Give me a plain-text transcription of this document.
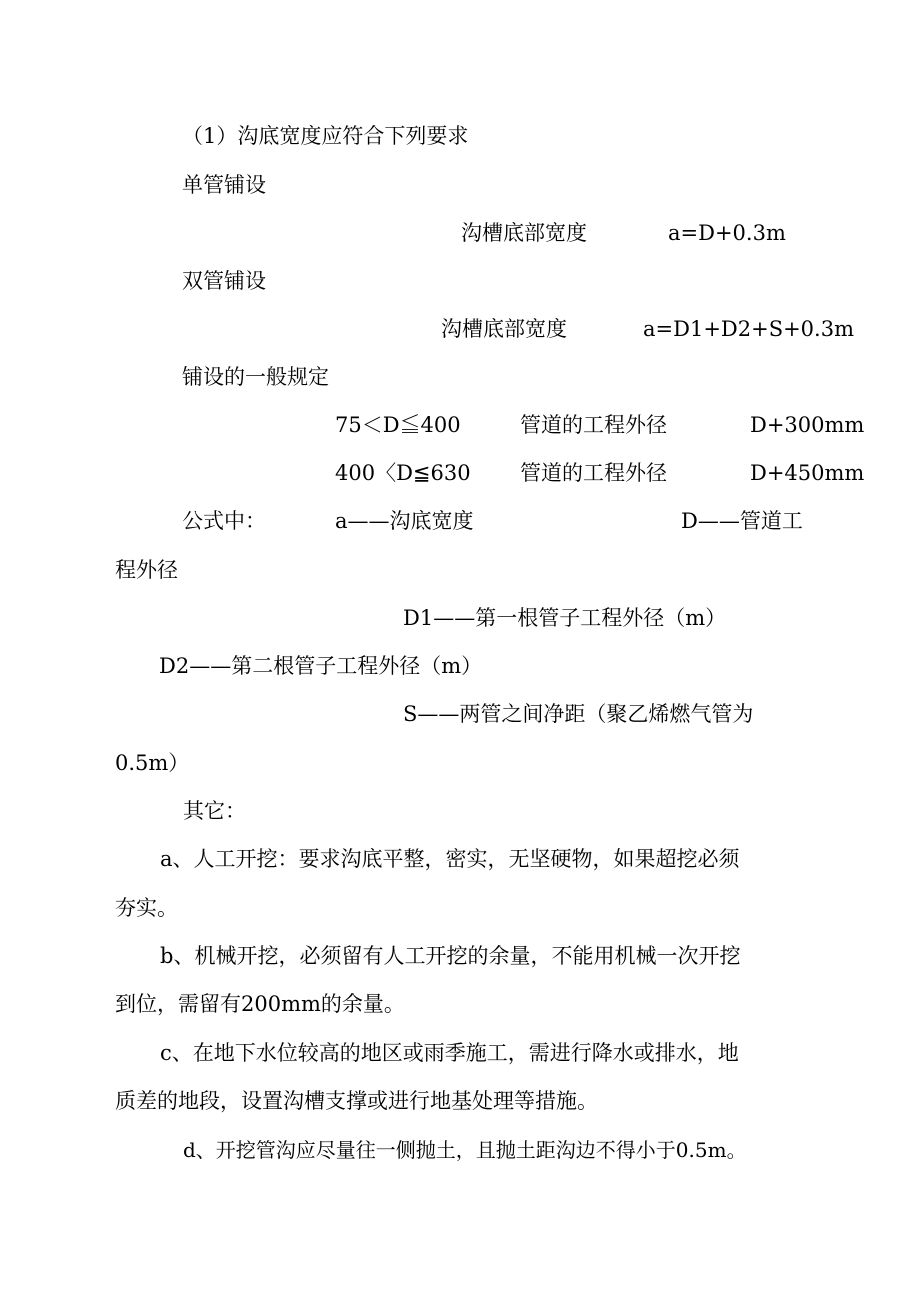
（1）沟底宽度应符合下列要求
单管铺设
沟槽底部宽度	a=D+0.3m
双管铺设
沟槽底部宽度	a=D1+D2+S+0.3m
铺设的一般规定
75＜D≦400	管道的工程外径	D+300mm
400〈D≦630 管道的工程外径	D+450mm
公式中：	a——沟底宽度	D——管道工
程外径
D1——第一根管子工程外径（m）
D2——第二根管子工程外径（m）
S——两管之间净距（聚乙烯燃气管为
0.5m）
其它：
a、人工开挖：要求沟底平整，密实，无坚硬物，如果超挖必须
夯实。
b、机械开挖，必须留有人工开挖的余量，不能用机械一次开挖
到位，需留有200mm的余量。
c、在地下水位较高的地区或雨季施工，需进行降水或排水，地
质差的地段，设置沟槽支撑或进行地基处理等措施。
d、开挖管沟应尽量往一侧抛土，且抛土距沟边不得小于0.5m。
